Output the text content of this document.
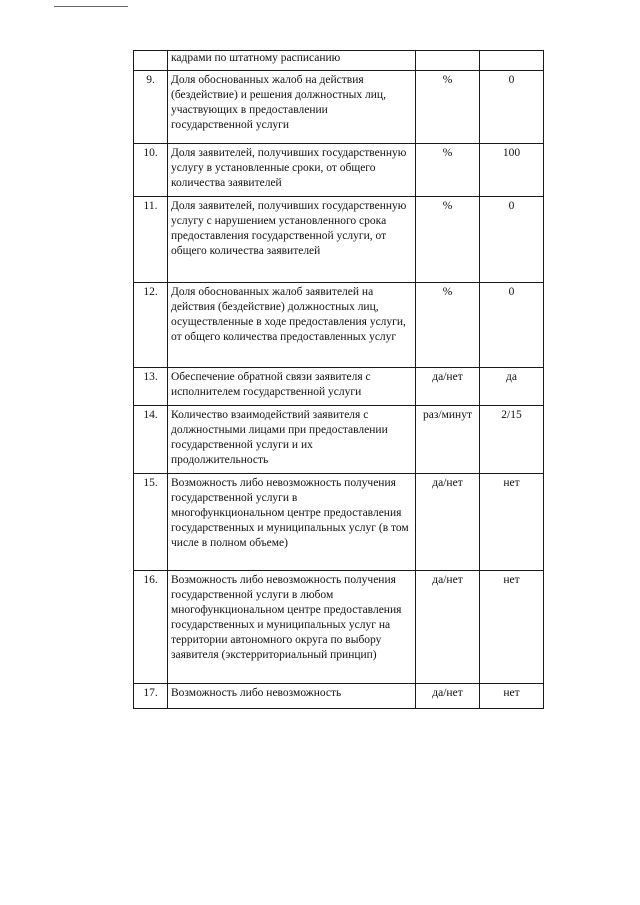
	кадрами по штатному расписанию		
9.	Доля обоснованных жалоб на действия (бездействие) и решения должностных лиц, участвующих в предоставлении государственной услуги	%	0
10.	Доля заявителей, получивших государственную услугу в установленные сроки, от общего количества заявителей	%	100
11.	Доля заявителей, получивших государственную услугу с нарушением установленного срока предоставления государственной услуги, от общего количества заявителей	%	0
12.	Доля обоснованных жалоб заявителей на действия (бездействие) должностных лиц, осуществленные в ходе предоставления услуги, от общего количества предоставленных услуг	%	0
13.	Обеспечение обратной связи заявителя с исполнителем государственной услуги	да/нет	да
14.	Количество взаимодействий заявителя с должностными лицами при предоставлении государственной услуги и их продолжительность	раз/минут	2/15
15.	Возможность либо невозможность получения государственной услуги в многофункциональном центре предоставления государственных и муниципальных услуг (в том числе в полном объеме)	да/нет	нет
16.	Возможность либо невозможность получения государственной услуги в любом многофункциональном центре предоставления государственных и муниципальных услуг на территории автономного округа по выбору заявителя (экстерриториальный принцип)	да/нет	нет
17.	Возможность либо невозможность	да/нет	нет
